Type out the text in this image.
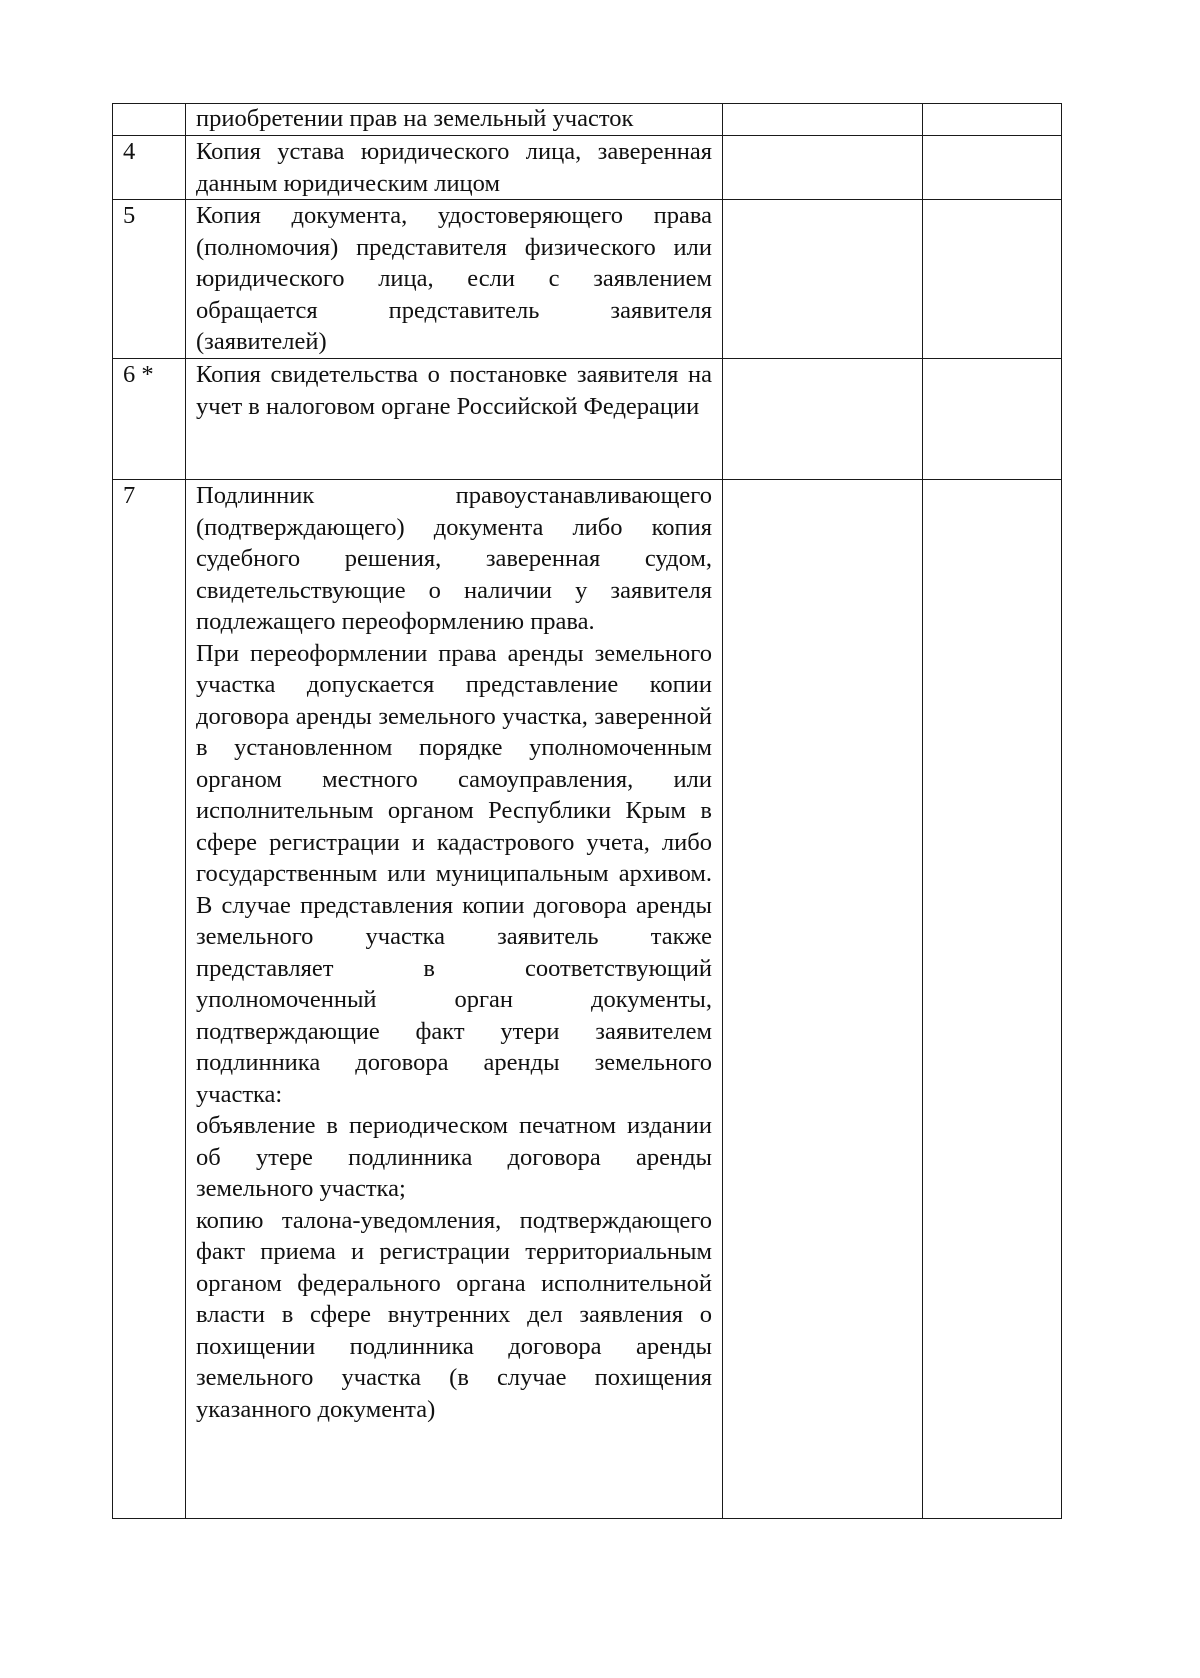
	приобретении прав на земельный участок		
4	Копия устава юридического лица, заверенная данным юридическим лицом		
5	Копия документа, удостоверяющего права (полномочия) представителя физического или юридического лица, если с заявлением обращается представитель заявителя (заявителей)		
6 *	Копия свидетельства о постановке заявителя на учет в налоговом органе Российской Федерации		
7	Подлинник правоустанавливающего (подтверждающего) документа либо копия судебного решения, заверенная судом, свидетельствующие о наличии у заявителя подлежащего переоформлению права.

При переоформлении права аренды земельного участка допускается представление копии договора аренды земельного участка, заверенной в установленном порядке уполномоченным органом местного самоуправления, или исполнительным органом Республики Крым в сфере регистрации и кадастрового учета, либо государственным или муниципальным архивом. В случае представления копии договора аренды земельного участка заявитель также представляет в соответствующий уполномоченный орган документы, подтверждающие факт утери заявителем подлинника договора аренды земельного участка:

объявление в периодическом печатном издании об утере подлинника договора аренды земельного участка;

копию талона-уведомления, подтверждающего факт приема и регистрации территориальным органом федерального органа исполнительной власти в сфере внутренних дел заявления о похищении подлинника договора аренды земельного участка (в случае похищения указанного документа)		
